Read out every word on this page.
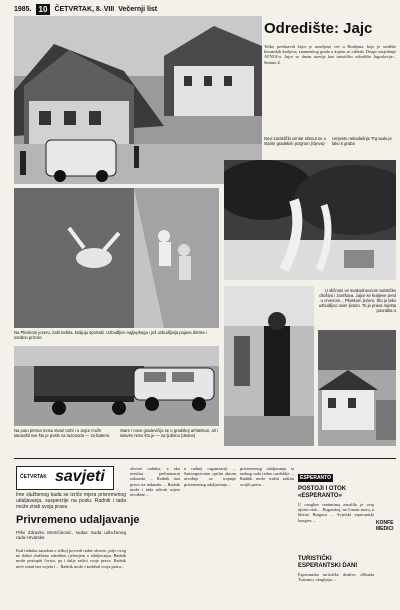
1985. 10	ČETVRTAK, 8. VIII Večernji list
Odredište: Jajc
Teško predstaviti Jajce je naseljeno već u Rimljana, koje je središte bosanskih kraljeva, znamenitog grada u kojem se održalo Drugo zasjedanje AVNOJ-a. Jajce se danas razvija kao turističko odredište Jugoslavije... Snimio Z.
Novi zaraslički centar stisnut se u starim gradskim jezgrom (Ojeva)
Umjesto nekadašnje Trg sada je lako ti graba
Na Plivskom jezeru, zašt torbila, kraljuju sportaši. Uzbuđljivo najljepšega i još uzbudljivija pojava dimise i osobno prizore
U sličnom ve svakodnevnom turističko društvo i završava. Jajce se kraljeve pred u crvenom... Plivskom jezeru. Što je lako uzbudljivo ovim ljetom. To je prava mjesta povratka u
Na putu prema mosu stvari torbi i u Jajce može takorašti sve što je posle za razonodu — za baterni.
Stare i nove gradevičija se u gradskoj arhitekturi, ali i sasvim nimo što je — za ljubima (desne)
ČETVRTAK savjeti
Ime službenog kada se izriče mjera privremenog udaljavanja, suspenzije na poslu. Radnik i tada može znati svoja prava
Privremeno udaljavanje
Piše Zdravko Momčinović, sudac Suda udruženog rada Hrvatske
Kad radnika zaradom o teškoj povredi radne obveze, prije ovog ne dobiti službeno određene rješenjem o udaljavanju. Radnik može postupiti čvrsto, pa i dalje zaštiti svoje prava. Radnik neće ostati bez uvjeta i ... Radnik može i zadržati svoja prava...
obveze radnika, a ako rezultat preliminarni zakonski ... Radnik ima pravo na naknadu ... Radnik može i tada uživati mjere utvrđene ...
u radnoj organizaciji ... Samoupravnim općim aktom utvrđuje se trajanje privremenog udaljavanja ...
privremenog udaljavanja iz radnog rada radno razdoblje ... Radnik može tražiti zaštitu svojih prava ...
ESPERANTO
POSTOJI I OTOK «ESPERANTO»
U onoglim sentimima zaručila je ovaj njezin otok ... Bugarskoj, na Crnom moru, u blizini Burgasa ... Svjetski esperantski kongres ...
TURISTIČKI ESPERANTSKI DANI
Esperantsko turističko društvo «Monda Turismo» okupljaju ...
KONFE MEDICI
